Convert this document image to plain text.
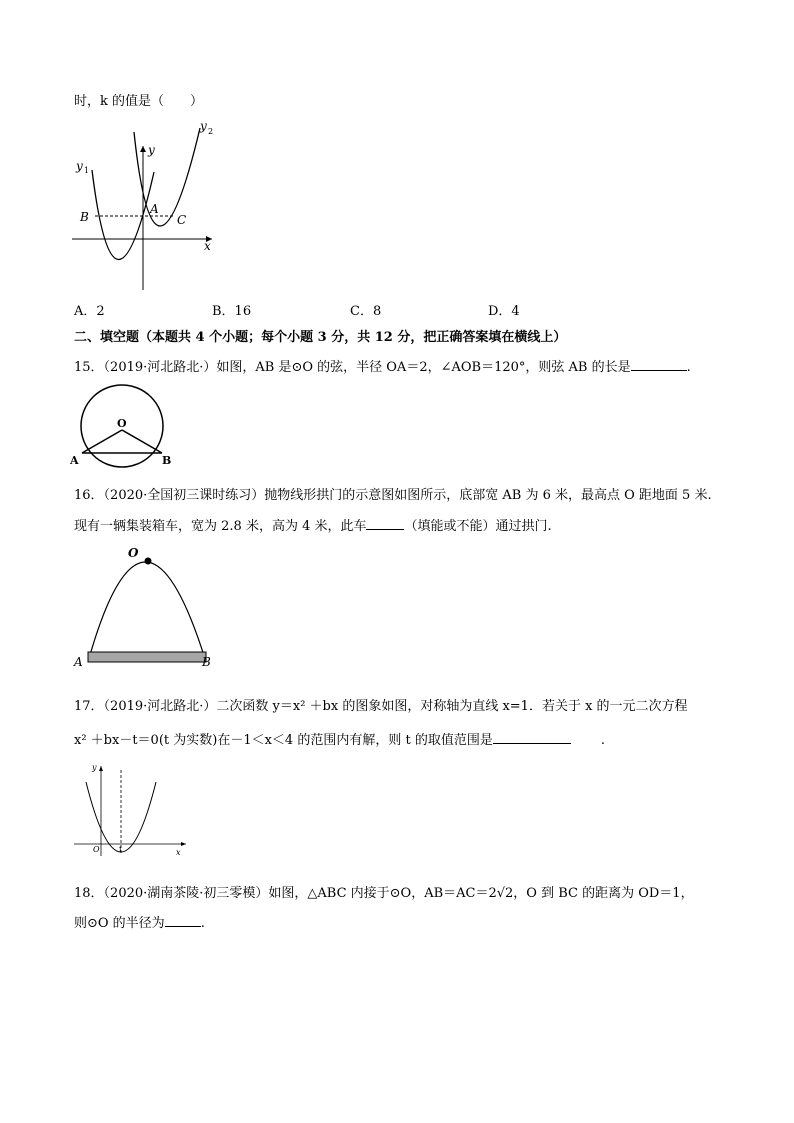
时，k 的值是（　　）
y 1
y 2
y
x
A
B	C
A．2	B．16	C．8	D．4
二、填空题（本题共 4 个小题；每个小题 3 分，共 12 分，把正确答案填在横线上）
15．（2019·河北路北·）如图，AB 是⊙O 的弦，半径 OA＝2，∠AOB＝120°，则弦 AB 的长是	.
O
A	B
16．（2020·全国初三课时练习）抛物线形拱门的示意图如图所示，底部宽 AB 为 6 米，最高点 O 距地面 5 米.
现有一辆集装箱车，宽为 2.8 米，高为 4 米，此车	（填能或不能）通过拱门.
O
A	B
17．（2019·河北路北·）二次函数 y＝x² ＋bx 的图象如图，对称轴为直线 x=1．若关于 x 的一元二次方程
x² ＋bx－t＝0(t 为实数)在－1＜x＜4 的范围内有解，则 t 的取值范围是	.
y
x
O	1
18．（2020·湖南茶陵·初三零模）如图，△ABC 内接于⊙O，AB＝AC＝2√2，O 到 BC 的距离为 OD＝1，
则⊙O 的半径为	.
